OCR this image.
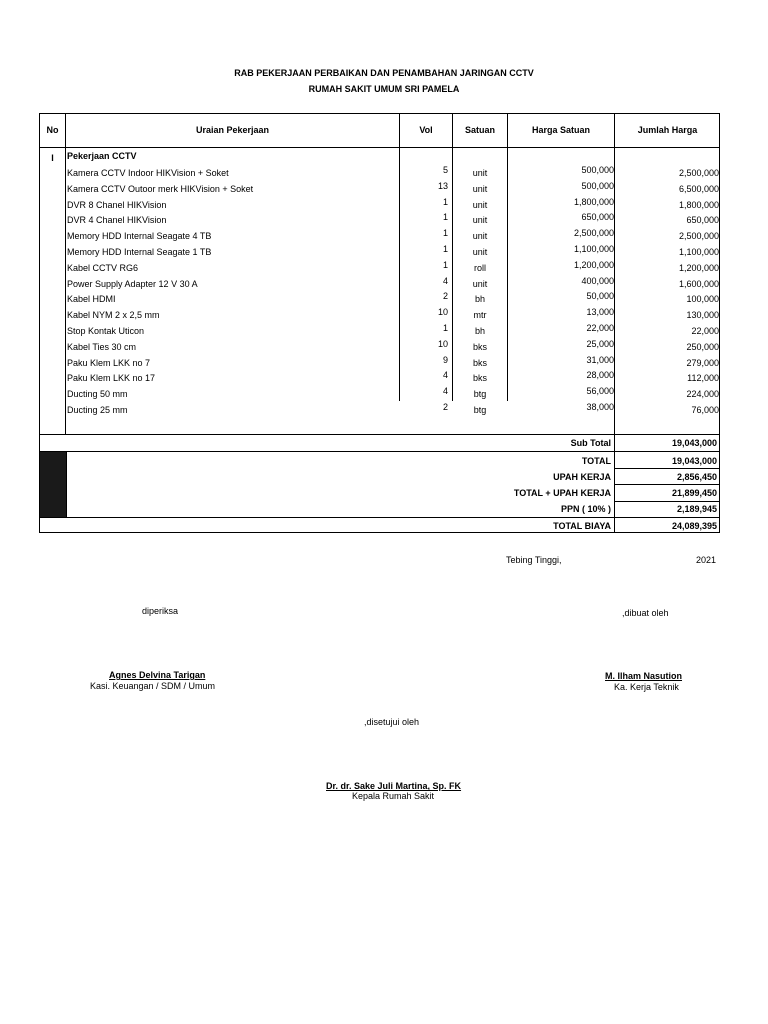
RAB PEKERJAAN PERBAIKAN DAN PENAMBAHAN JARINGAN CCTV
RUMAH SAKIT UMUM SRI PAMELA
No	Uraian Pekerjaan	Vol	Satuan	Harga Satuan	Jumlah Harga
I	Pekerjaan CCTV
Kamera CCTV Indoor HIKVision + Soket	5	unit	500,000	2,500,000
Kamera CCTV Outoor merk HIKVision + Soket	13	unit	500,000	6,500,000
DVR 8 Chanel HIKVision	1	unit	1,800,000	1,800,000
DVR 4 Chanel HIKVision	1	unit	650,000	650,000
Memory HDD Internal Seagate 4 TB	1	unit	2,500,000	2,500,000
Memory HDD Internal Seagate 1 TB	1	unit	1,100,000	1,100,000
Kabel CCTV RG6	1	roll	1,200,000	1,200,000
Power Supply Adapter 12 V 30 A	4	unit	400,000	1,600,000
Kabel HDMI	2	bh	50,000	100,000
Kabel NYM 2 x 2,5 mm	10	mtr	13,000	130,000
Stop Kontak Uticon	1	bh	22,000	22,000
Kabel Ties 30 cm	10	bks	25,000	250,000
Paku Klem LKK no 7	9	bks	31,000	279,000
Paku Klem LKK no 17	4	bks	28,000	112,000
Ducting 50 mm	4	btg	56,000	224,000
Ducting 25 mm	2	btg	38,000	76,000
Sub Total	19,043,000
TOTAL	19,043,000
UPAH KERJA	2,856,450
TOTAL + UPAH KERJA	21,899,450
PPN ( 10% )	2,189,945
TOTAL BIAYA	24,089,395
Tebing Tinggi,	2021
diperiksa	,dibuat oleh
Agnes Delvina Tarigan
Kasi. Keuangan / SDM / Umum
M. Ilham Nasution
Ka. Kerja Teknik
,disetujui oleh
Dr. dr. Sake Juli Martina, Sp. FK
Kepala Rumah Sakit
